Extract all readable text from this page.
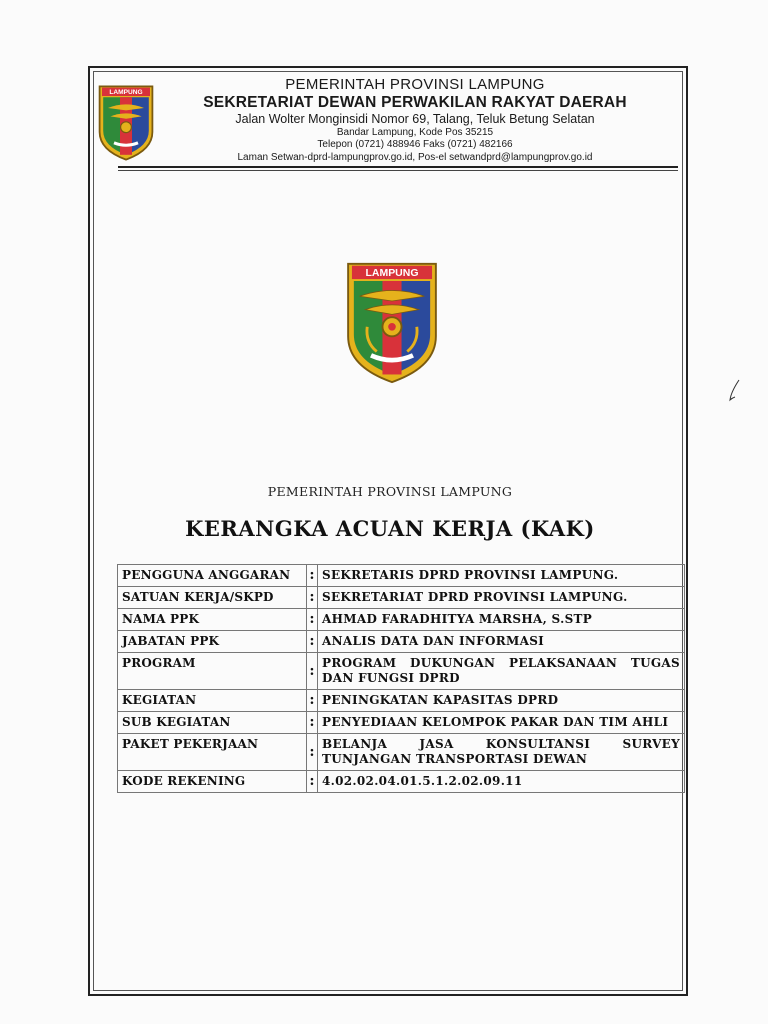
LAMPUNG	PEMERINTAH PROVINSI LAMPUNG
SEKRETARIAT DEWAN PERWAKILAN RAKYAT DAERAH
Jalan Wolter Monginsidi Nomor 69, Talang, Teluk Betung Selatan
Bandar Lampung, Kode Pos 35215
Telepon (0721) 488946 Faks (0721) 482166
Laman Setwan-dprd-lampungprov.go.id, Pos-el setwandprd@lampungprov.go.id
LAMPUNG
PEMERINTAH PROVINSI LAMPUNG
KERANGKA ACUAN KERJA (KAK)
PENGGUNA ANGGARAN	:	SEKRETARIS DPRD PROVINSI LAMPUNG.
SATUAN KERJA/SKPD	:	SEKRETARIAT DPRD PROVINSI LAMPUNG.
NAMA PPK	:	AHMAD FARADHITYA MARSHA, S.STP
JABATAN PPK	:	ANALIS DATA DAN INFORMASI
PROGRAM	:	PROGRAM DUKUNGAN PELAKSANAAN TUGAS DAN FUNGSI DPRD
KEGIATAN	:	PENINGKATAN KAPASITAS DPRD
SUB KEGIATAN	:	PENYEDIAAN KELOMPOK PAKAR DAN TIM AHLI
PAKET PEKERJAAN	:	BELANJA JASA KONSULTANSI SURVEY TUNJANGAN TRANSPORTASI DEWAN
KODE REKENING	:	4.02.02.04.01.5.1.2.02.09.11
